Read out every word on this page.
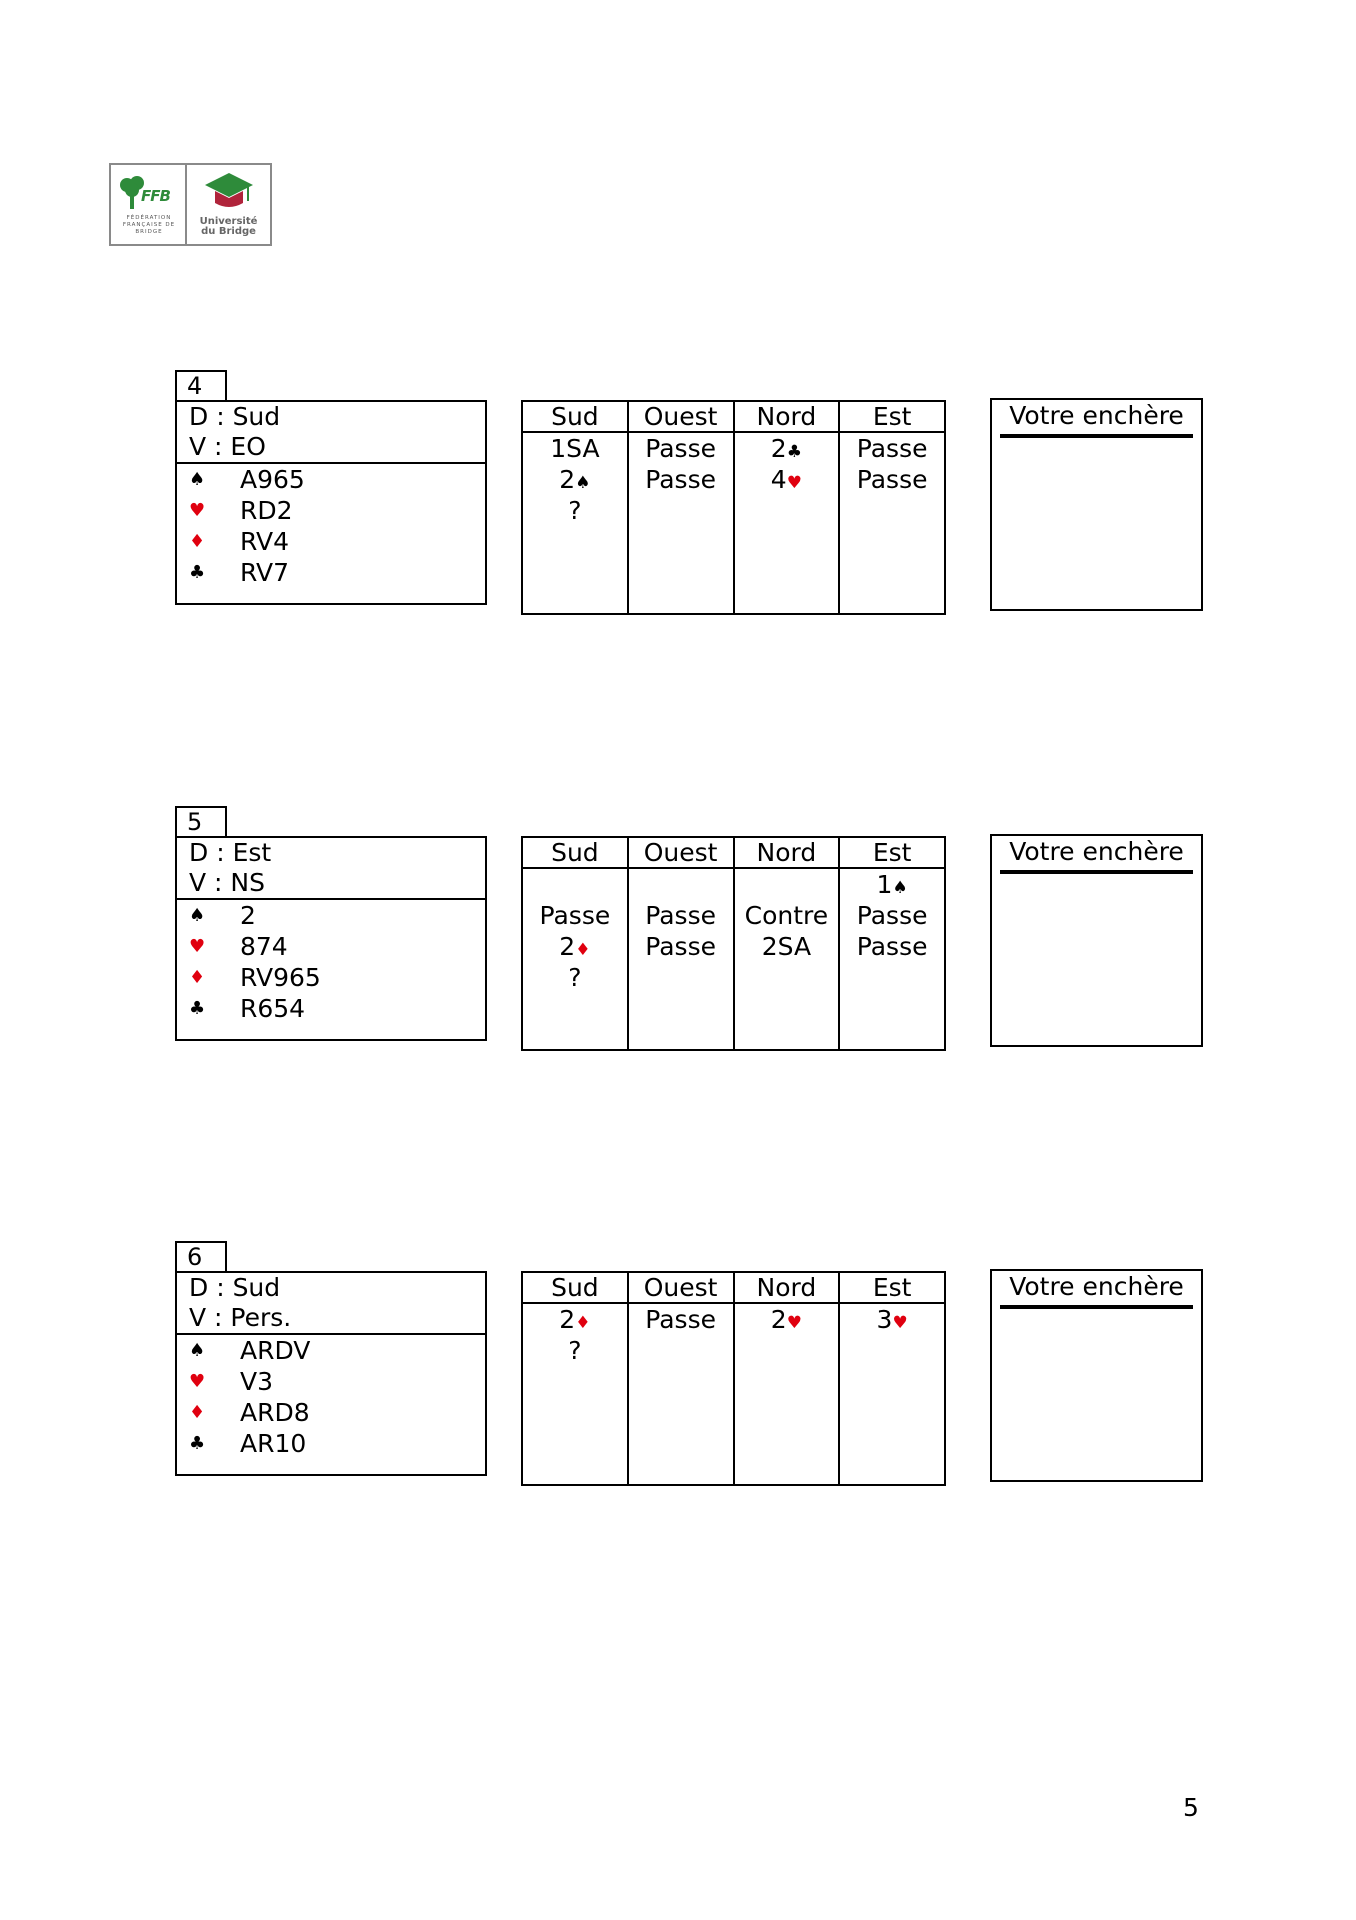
FFB
FÉDÉRATION FRANÇAISE DE BRIDGE
Université
du Bridge
4
D : Sud
V : EO
♠ A965
♥ RD2
♦ RV4
♣ RV7
Sud
1SA
2♠
?
Ouest
Passe
Passe
Nord
2♣
4♥
Est
Passe
Passe
Votre enchère
5
D : Est
V : NS
♠ 2
♥ 874
♦ RV965
♣ R654
Sud
Passe
2♦
?
Ouest
Passe
Passe
Nord
Contre
2SA
Est
1♠
Passe
Passe
Votre enchère
6
D : Sud
V : Pers.
♠ ARDV
♥ V3
♦ ARD8
♣ AR10
Sud
2♦
?
Ouest
Passe
Nord
2♥
Est
3♥
Votre enchère
5
